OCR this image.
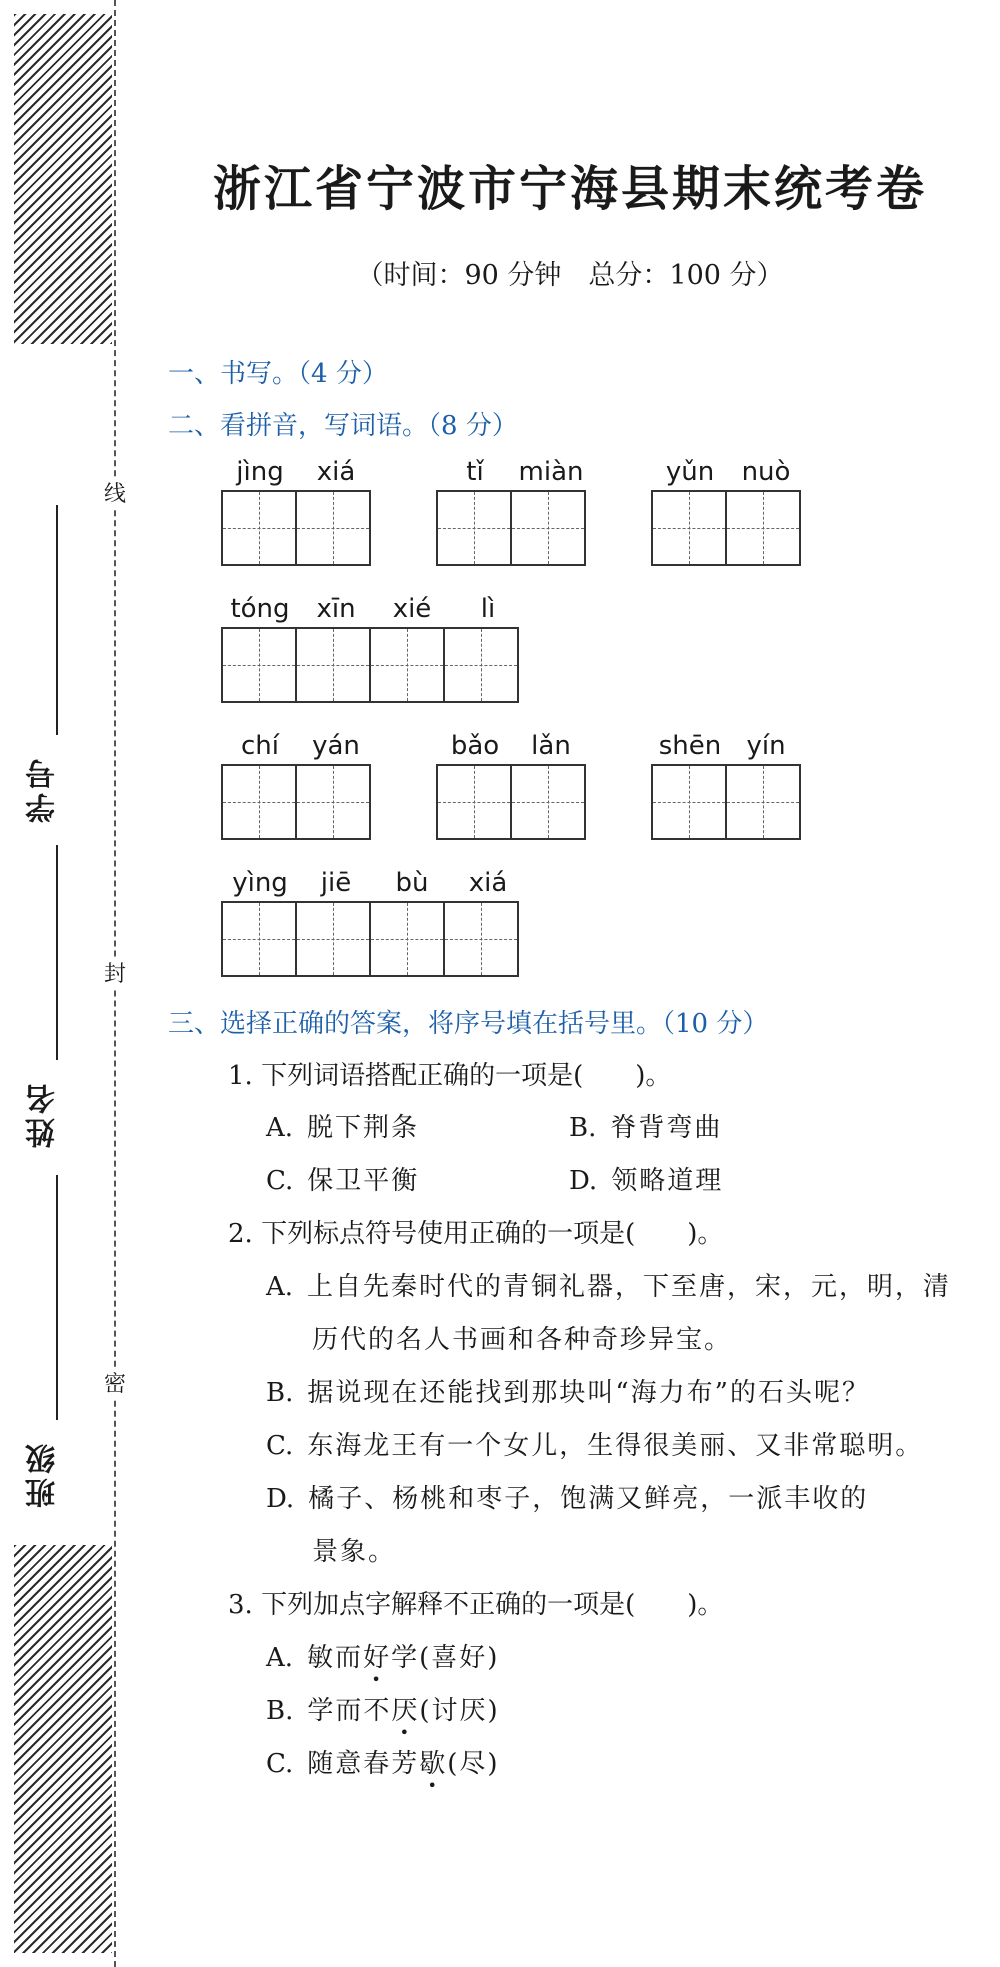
线
封
密
学号
姓名
班级
浙江省宁波市宁海县期末统考卷
（时间：90 分钟　总分：100 分）
一、书写。（4 分）
二、看拼音，写词语。（8 分）
jìng	xiá	tǐ	miàn	yǔn	nuò
tóng	xīn	xié	lì
chí	yán	bǎo	lǎn	shēn yín
yìng	jiē	bù	xiá
三、选择正确的答案，将序号填在括号里。（10 分）
1. 下列词语搭配正确的一项是(　　)。
A. 脱下荆条	B. 脊背弯曲
C. 保卫平衡	D. 领略道理
2. 下列标点符号使用正确的一项是(　　)。
A. 上自先秦时代的青铜礼器，下至唐，宋，元，明，清
历代的名人书画和各种奇珍异宝。
B. 据说现在还能找到那块叫“海力布”的石头呢？
C. 东海龙王有一个女儿，生得很美丽、又非常聪明。
D. 橘子、杨桃和枣子，饱满又鲜亮，一派丰收的
景象。
3. 下列加点字解释不正确的一项是(　　)。
A. 敏而好学(喜好)
B. 学而不厌(讨厌)
C. 随意春芳歇(尽)
